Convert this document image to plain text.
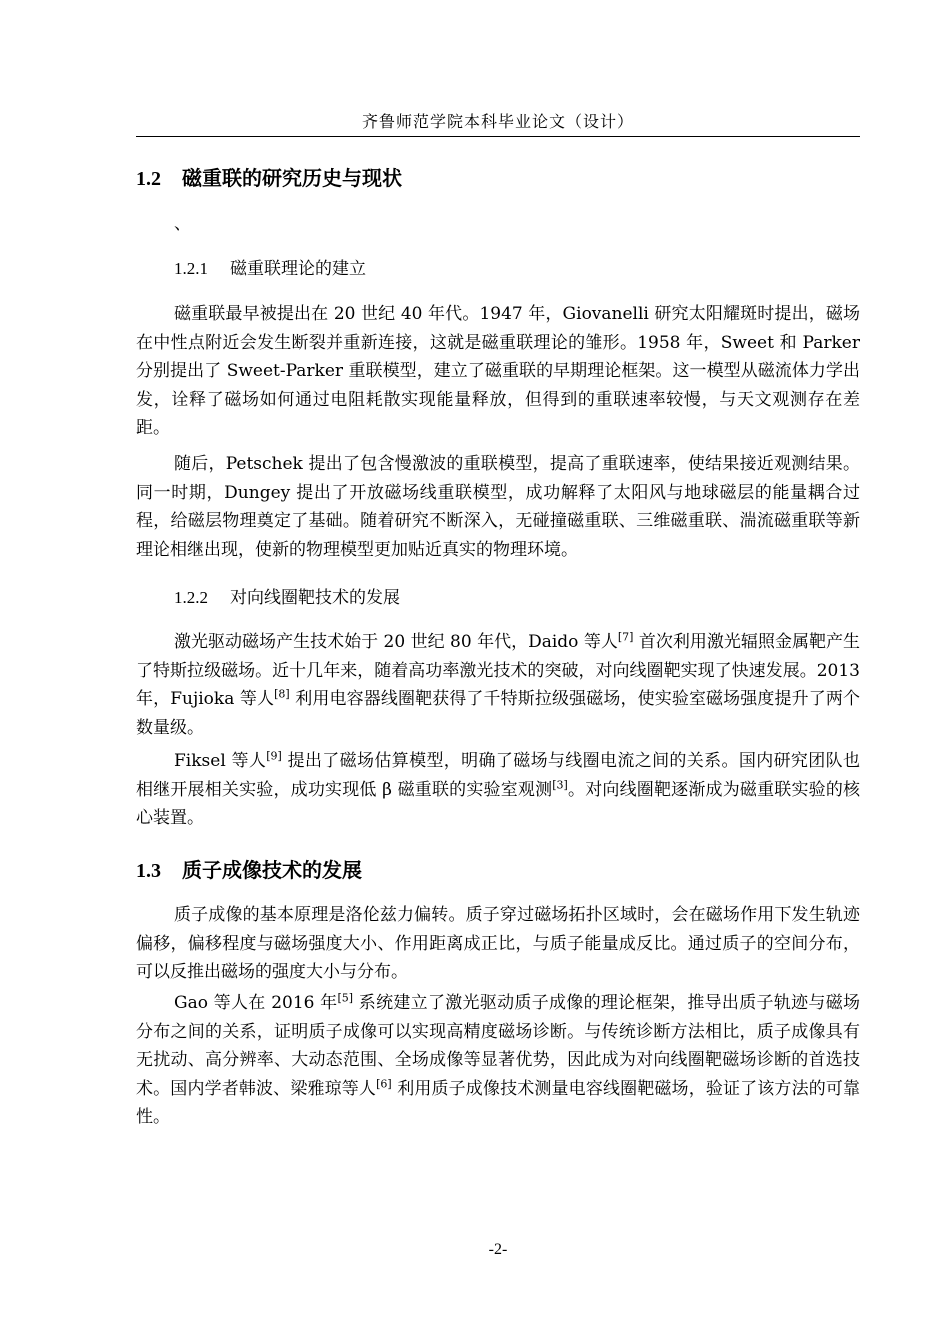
齐鲁师范学院本科毕业论文（设计）
1.2 磁重联的研究历史与现状
、
1.2.1 磁重联理论的建立

磁重联最早被提出在 20 世纪 40 年代。1947 年，Giovanelli 研究太阳耀斑时提出，磁场在中性点附近会发生断裂并重新连接，这就是磁重联理论的雏形。1958 年，Sweet 和 Parker 分别提出了 Sweet-Parker 重联模型，建立了磁重联的早期理论框架。这一模型从磁流体力学出发，诠释了磁场如何通过电阻耗散实现能量释放，但得到的重联速率较慢，与天文观测存在差距。

随后，Petschek 提出了包含慢激波的重联模型，提高了重联速率，使结果接近观测结果。同一时期，Dungey 提出了开放磁场线重联模型，成功解释了太阳风与地球磁层的能量耦合过程，给磁层物理奠定了基础。随着研究不断深入，无碰撞磁重联、三维磁重联、湍流磁重联等新理论相继出现，使新的物理模型更加贴近真实的物理环境。

1.2.2 对向线圈靶技术的发展

激光驱动磁场产生技术始于 20 世纪 80 年代，Daido 等人[7] 首次利用激光辐照金属靶产生了特斯拉级磁场。近十几年来，随着高功率激光技术的突破，对向线圈靶实现了快速发展。2013 年，Fujioka 等人[8] 利用电容器线圈靶获得了千特斯拉级强磁场，使实验室磁场强度提升了两个数量级。

Fiksel 等人[9] 提出了磁场估算模型，明确了磁场与线圈电流之间的关系。国内研究团队也相继开展相关实验，成功实现低 β 磁重联的实验室观测[3]。对向线圈靶逐渐成为磁重联实验的核心装置。

1.3 质子成像技术的发展

质子成像的基本原理是洛伦兹力偏转。质子穿过磁场拓扑区域时，会在磁场作用下发生轨迹偏移，偏移程度与磁场强度大小、作用距离成正比，与质子能量成反比。通过质子的空间分布，可以反推出磁场的强度大小与分布。

Gao 等人在 2016 年[5] 系统建立了激光驱动质子成像的理论框架，推导出质子轨迹与磁场分布之间的关系，证明质子成像可以实现高精度磁场诊断。与传统诊断方法相比，质子成像具有无扰动、高分辨率、大动态范围、全场成像等显著优势，因此成为对向线圈靶磁场诊断的首选技术。国内学者韩波、梁雅琼等人[6] 利用质子成像技术测量电容线圈靶磁场，验证了该方法的可靠性。

-2-
